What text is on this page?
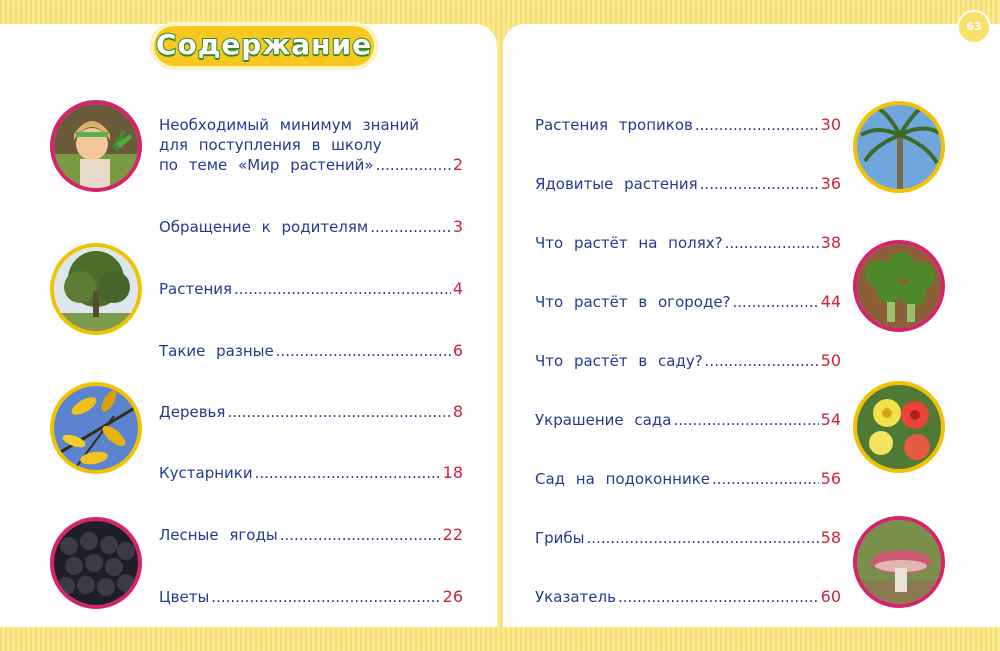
Содержание
63
Необходимый минимум знаний для поступления в школу
по теме «Мир растений» .....	2
Обращение к родителям .....	3
Растения .....	4
Такие разные .....	6
Деревья .....	8
Кустарники .....	18
Лесные ягоды .....	22
Цветы .....	26
Растения тропиков .....	30
Ядовитые растения .....	36
Что растёт на полях? .....	38
Что растёт в огороде? .....	44
Что растёт в саду? .....	50
Украшение сада .....	54
Сад на подоконнике .....	56
Грибы .....	58
Указатель .....	60
